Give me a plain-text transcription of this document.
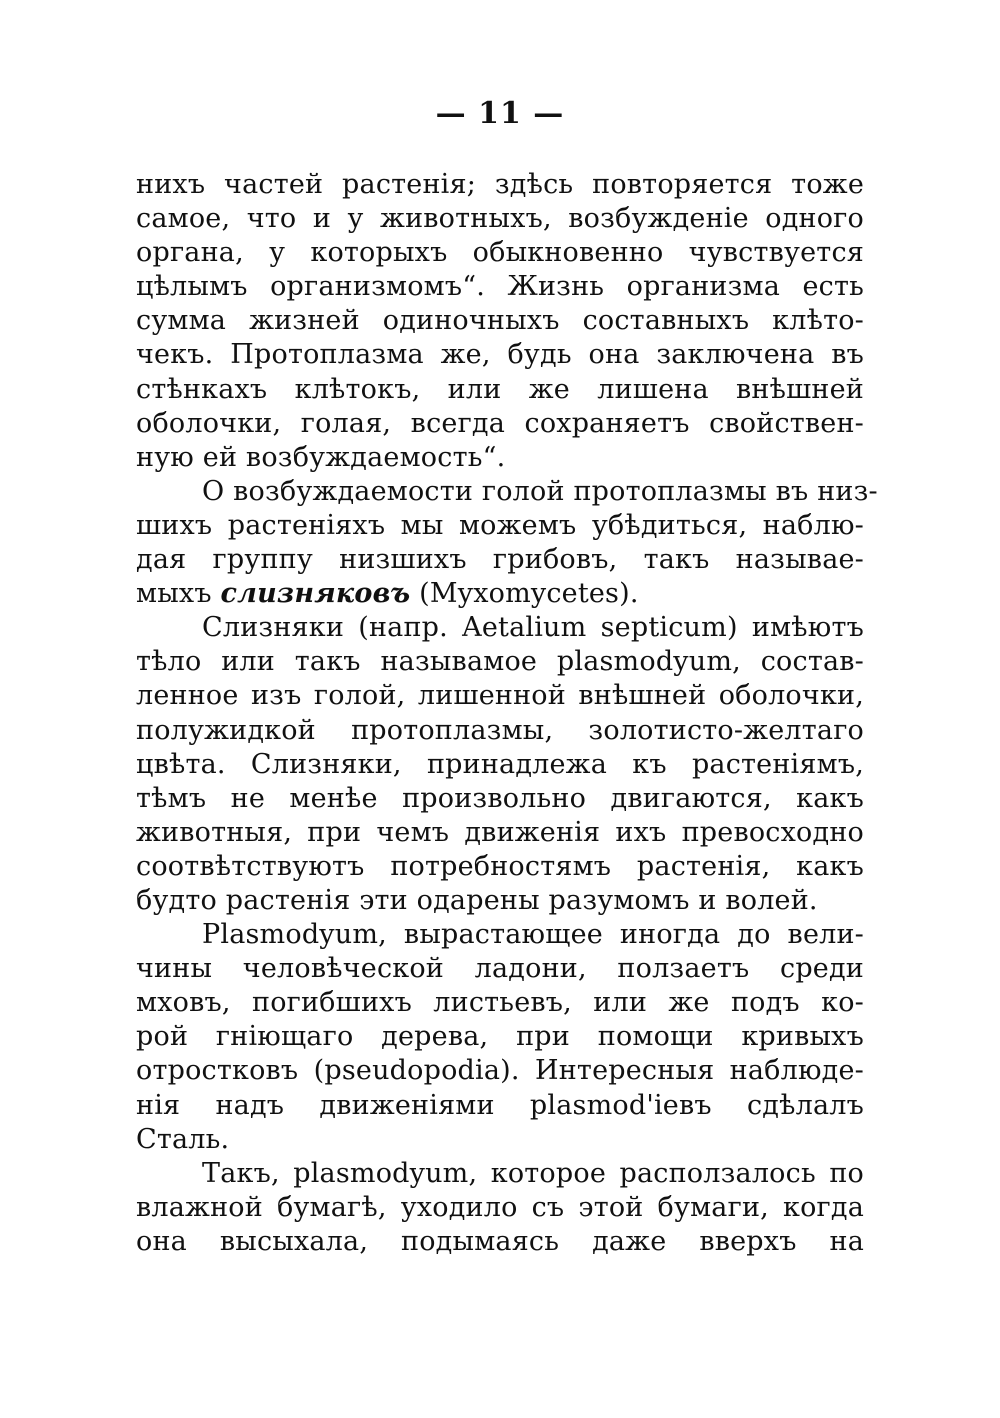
— 11 —
нихъ частей растенія; здѣсь повторяется тоже
самое, что и у животныхъ, возбужденіе одного
органа, у которыхъ обыкновенно чувствуется
цѣлымъ организмомъ“. Жизнь организма есть
сумма жизней одиночныхъ составныхъ клѣто-
чекъ. Протоплазма же, будь она заключена въ
стѣнкахъ клѣтокъ, или же лишена внѣшней
оболочки, голая, всегда сохраняетъ свойствен-
ную ей возбуждаемость“.
О возбуждаемости голой протоплазмы въ низ-
шихъ растеніяхъ мы можемъ убѣдиться, наблю-
дая группу низшихъ грибовъ, такъ называе-
мыхъ слизняковъ (Myxomycetes).
Слизняки (напр. Aetalium septicum) имѣютъ
тѣло или такъ называмое plasmodyum, состав-
ленное изъ голой, лишенной внѣшней оболочки,
полужидкой протоплазмы, золотисто-желтаго
цвѣта. Слизняки, принадлежа къ растеніямъ,
тѣмъ не менѣе произвольно двигаются, какъ
животныя, при чемъ движенія ихъ превосходно
соотвѣтствуютъ потребностямъ растенія, какъ
будто растенія эти одарены разумомъ и волей.
Plasmodyum, вырастающее иногда до вели-
чины человѣческой ладони, ползаетъ среди
мховъ, погибшихъ листьевъ, или же подъ ко-
рой гніющаго дерева, при помощи кривыхъ
отростковъ (pseudopodia). Интересныя наблюде-
нія надъ движеніями plasmod'іевъ сдѣлалъ
Сталь.
Такъ, plasmodyum, которое расползалось по
влажной бумагѣ, уходило съ этой бумаги, когда
она высыхала, подымаясь даже вверхъ на
